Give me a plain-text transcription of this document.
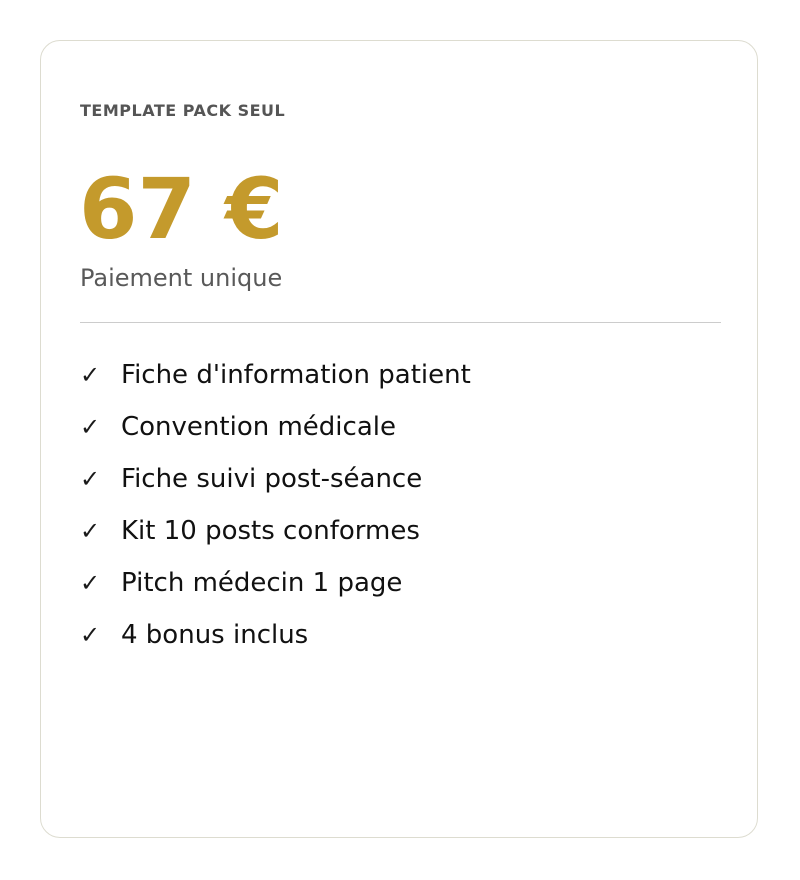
TEMPLATE PACK SEUL
67 €
Paiement unique
✓ Fiche d'information patient
✓ Convention médicale
✓ Fiche suivi post-séance
✓ Kit 10 posts conformes
✓ Pitch médecin 1 page
✓ 4 bonus inclus
